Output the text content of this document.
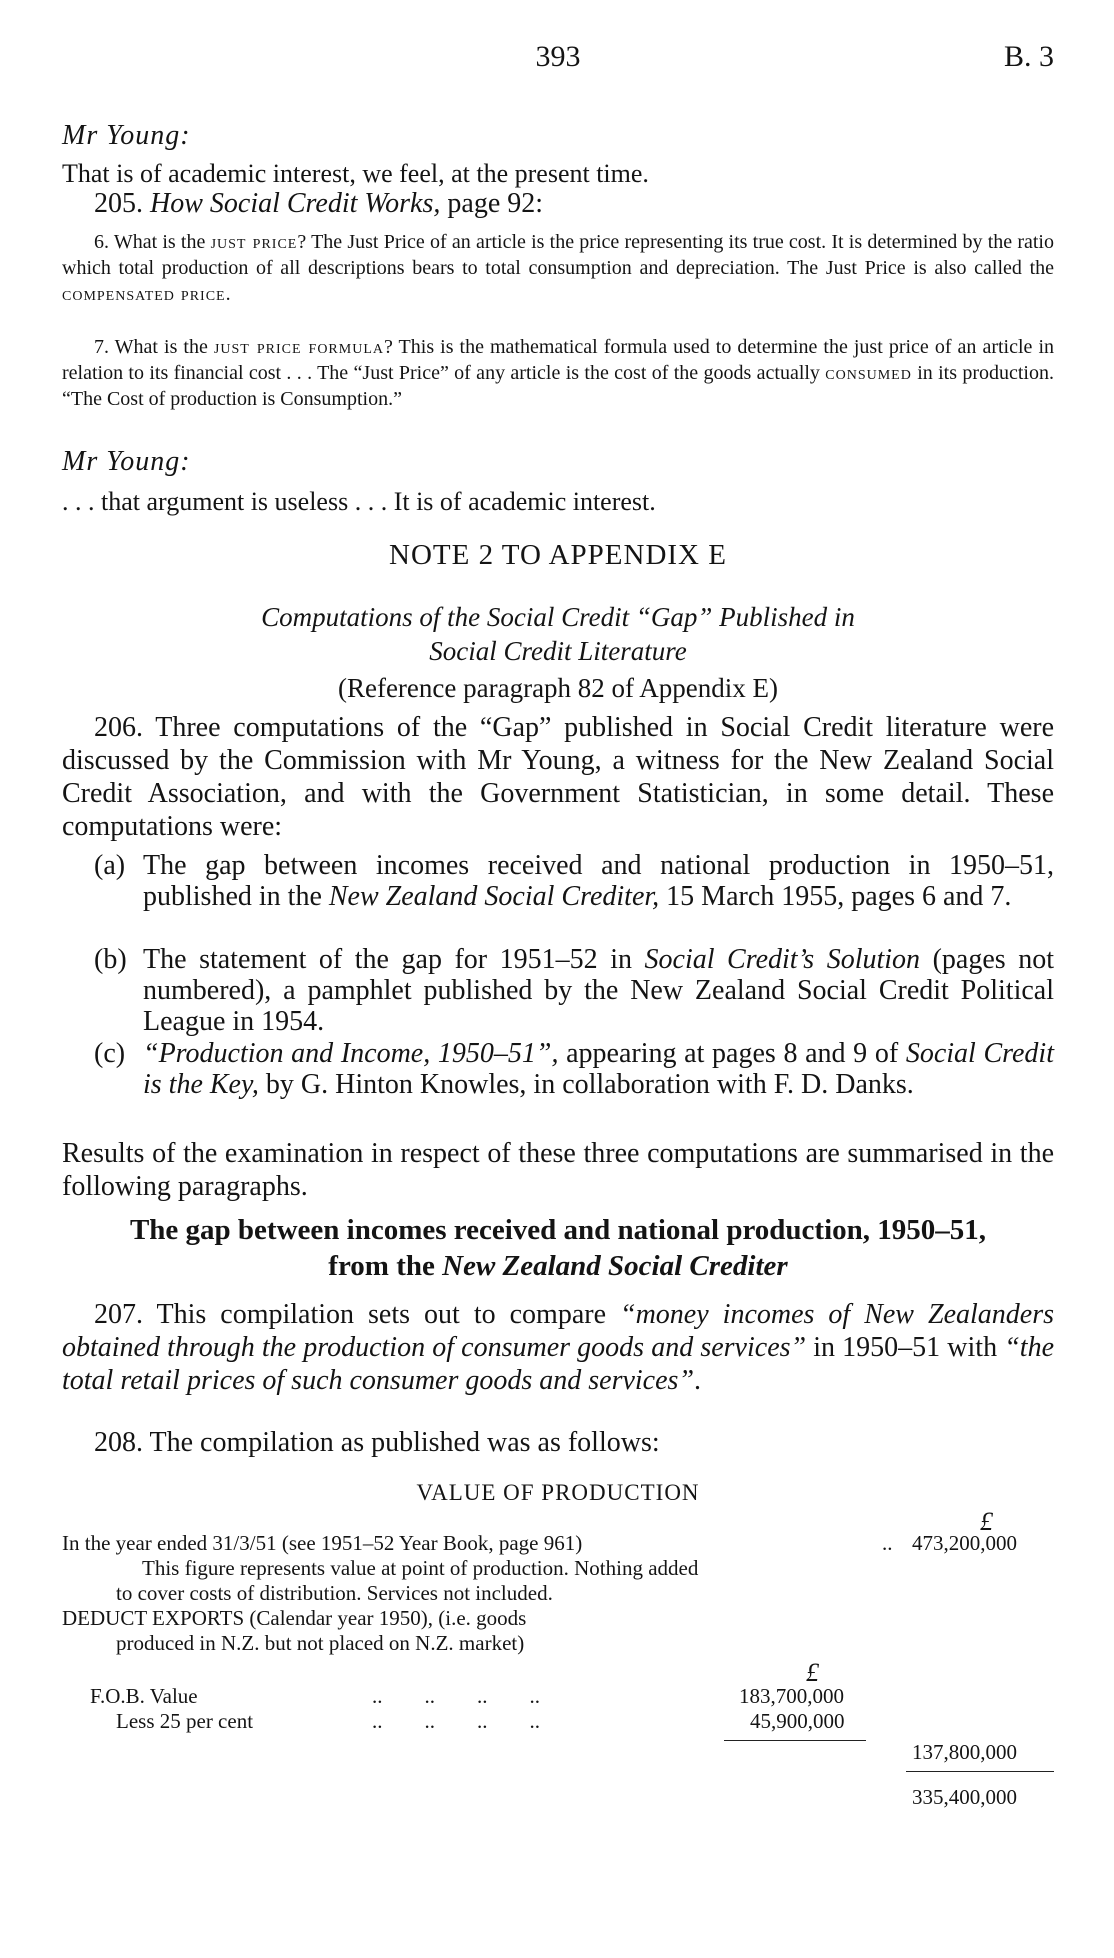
393	B. 3
Mr Young:
That is of academic interest, we feel, at the present time.
205. How Social Credit Works, page 92:
6. What is the just price? The Just Price of an article is the price representing its true cost. It is determined by the ratio which total production of all descriptions bears to total consumption and depreciation. The Just Price is also called the compensated price.
7. What is the just price formula? This is the mathematical formula used to determine the just price of an article in relation to its financial cost . . . The “Just Price” of any article is the cost of the goods actually consumed in its production. “The Cost of production is Consumption.”
Mr Young:
. . . that argument is useless . . . It is of academic interest.
NOTE 2 TO APPENDIX E
Computations of the Social Credit “Gap” Published in
Social Credit Literature
(Reference paragraph 82 of Appendix E)
206. Three computations of the “Gap” published in Social Credit literature were discussed by the Commission with Mr Young, a witness for the New Zealand Social Credit Association, and with the Government Statistician, in some detail. These computations were:
(a) The gap between incomes received and national production in 1950–51, published in the New Zealand Social Crediter, 15 March 1955, pages 6 and 7.
(b) The statement of the gap for 1951–52 in Social Credit’s Solution (pages not numbered), a pamphlet published by the New Zealand Social Credit Political League in 1954.
(c) “Production and Income, 1950–51”, appearing at pages 8 and 9 of Social Credit is the Key, by G. Hinton Knowles, in collaboration with F. D. Danks.
Results of the examination in respect of these three computations are summarised in the following paragraphs.
The gap between incomes received and national production, 1950–51,
from the New Zealand Social Crediter
207. This compilation sets out to compare “money incomes of New Zealanders obtained through the production of consumer goods and services” in 1950–51 with “the total retail prices of such consumer goods and services”.
208. The compilation as published was as follows:
VALUE OF PRODUCTION
£
In the year ended 31/3/51 (see 1951–52 Year Book, page 961)	.. 473,200,000
This figure represents value at point of production. Nothing added
to cover costs of distribution. Services not included.
DEDUCT EXPORTS (Calendar year 1950), (i.e. goods
produced in N.Z. but not placed on N.Z. market)
£
F.O.B. Value	..        ..        ..        ..	183,700,000
Less 25 per cent	..        ..        ..        ..	45,900,000
137,800,000
335,400,000
